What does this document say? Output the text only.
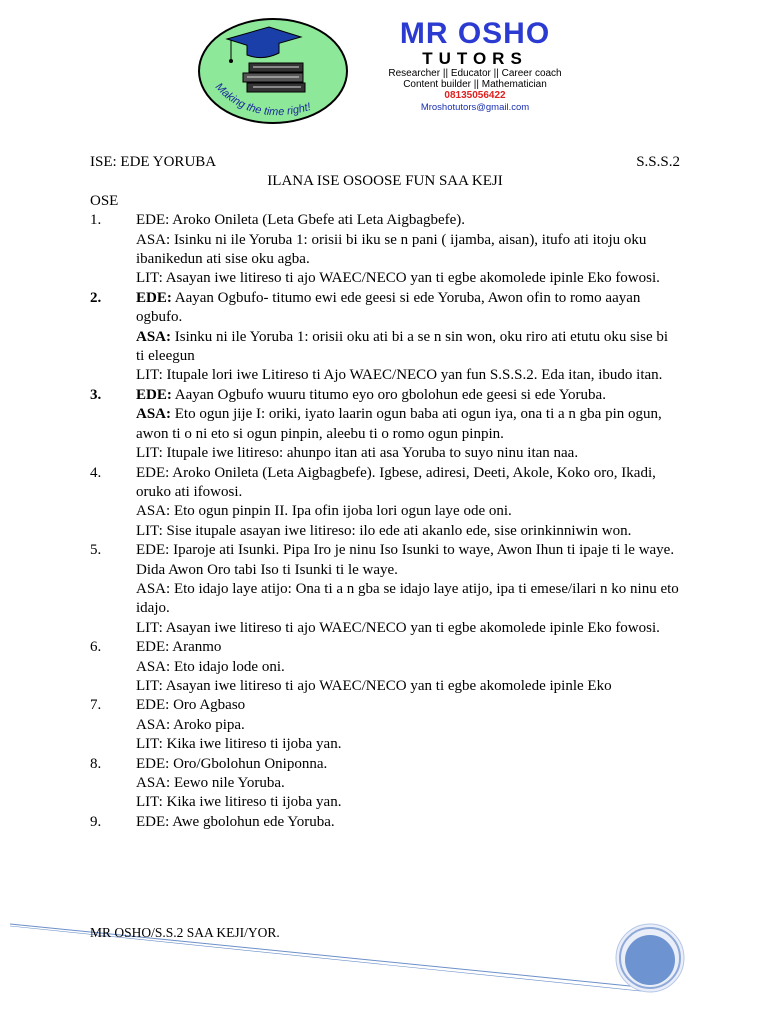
Making the time right!
MR OSHO
TUTORS
Researcher || Educator || Career coach
Content builder || Mathematician
08135056422
Mroshotutors@gmail.com
ISE: EDE YORUBA	S.S.S.2
ILANA ISE OSOOSE FUN SAA KEJI
OSE
1.	EDE: Aroko Onileta (Leta Gbefe ati Leta Aigbagbefe).
ASA: Isinku ni ile Yoruba 1: orisii bi iku se n pani ( ijamba, aisan), itufo ati itoju oku ibanikedun ati sise oku agba.
LIT: Asayan iwe litireso ti ajo WAEC/NECO yan ti egbe akomolede ipinle Eko fowosi.
2.	EDE: Aayan Ogbufo- titumo ewi ede geesi si ede Yoruba, Awon ofin to romo aayan ogbufo.
ASA: Isinku ni ile Yoruba 1: orisii oku ati bi a se n sin won, oku riro ati etutu oku sise bi ti eleegun
LIT: Itupale lori iwe Litireso ti Ajo WAEC/NECO yan fun S.S.S.2. Eda itan, ibudo itan.
3.	EDE: Aayan Ogbufo wuuru titumo eyo oro gbolohun ede geesi si ede Yoruba.
ASA: Eto ogun jije I: oriki, iyato laarin ogun baba ati ogun iya, ona ti a n gba pin ogun, awon ti o ni eto si ogun pinpin, aleebu ti o romo ogun pinpin.
LIT: Itupale iwe litireso: ahunpo itan ati asa Yoruba to suyo ninu itan naa.
4.	EDE: Aroko Onileta (Leta Aigbagbefe). Igbese, adiresi, Deeti, Akole, Koko oro, Ikadi, oruko ati ifowosi.
ASA: Eto ogun pinpin II. Ipa ofin ijoba lori ogun laye ode oni.
LIT: Sise itupale asayan iwe litireso: ilo ede ati akanlo ede, sise orinkinniwin won.
5.	EDE: Iparoje ati Isunki. Pipa Iro je ninu Iso Isunki to waye, Awon Ihun ti ipaje ti le waye. Dida Awon Oro tabi Iso ti Isunki ti le waye.
ASA: Eto idajo laye atijo: Ona ti a n gba se idajo laye atijo, ipa ti emese/ilari n ko ninu eto idajo.
LIT: Asayan iwe litireso ti ajo WAEC/NECO yan ti egbe akomolede ipinle Eko fowosi.
6.	EDE: Aranmo
ASA: Eto idajo lode oni.
LIT: Asayan iwe litireso ti ajo WAEC/NECO yan ti egbe akomolede ipinle Eko
7.	EDE: Oro Agbaso
ASA: Aroko pipa.
LIT: Kika iwe litireso ti ijoba yan.
8.	EDE: Oro/Gbolohun Oniponna.
ASA: Eewo nile Yoruba.
LIT: Kika iwe litireso ti ijoba yan.
9.	EDE: Awe gbolohun ede Yoruba.
MR OSHO/S.S.2 SAA KEJI/YOR.
